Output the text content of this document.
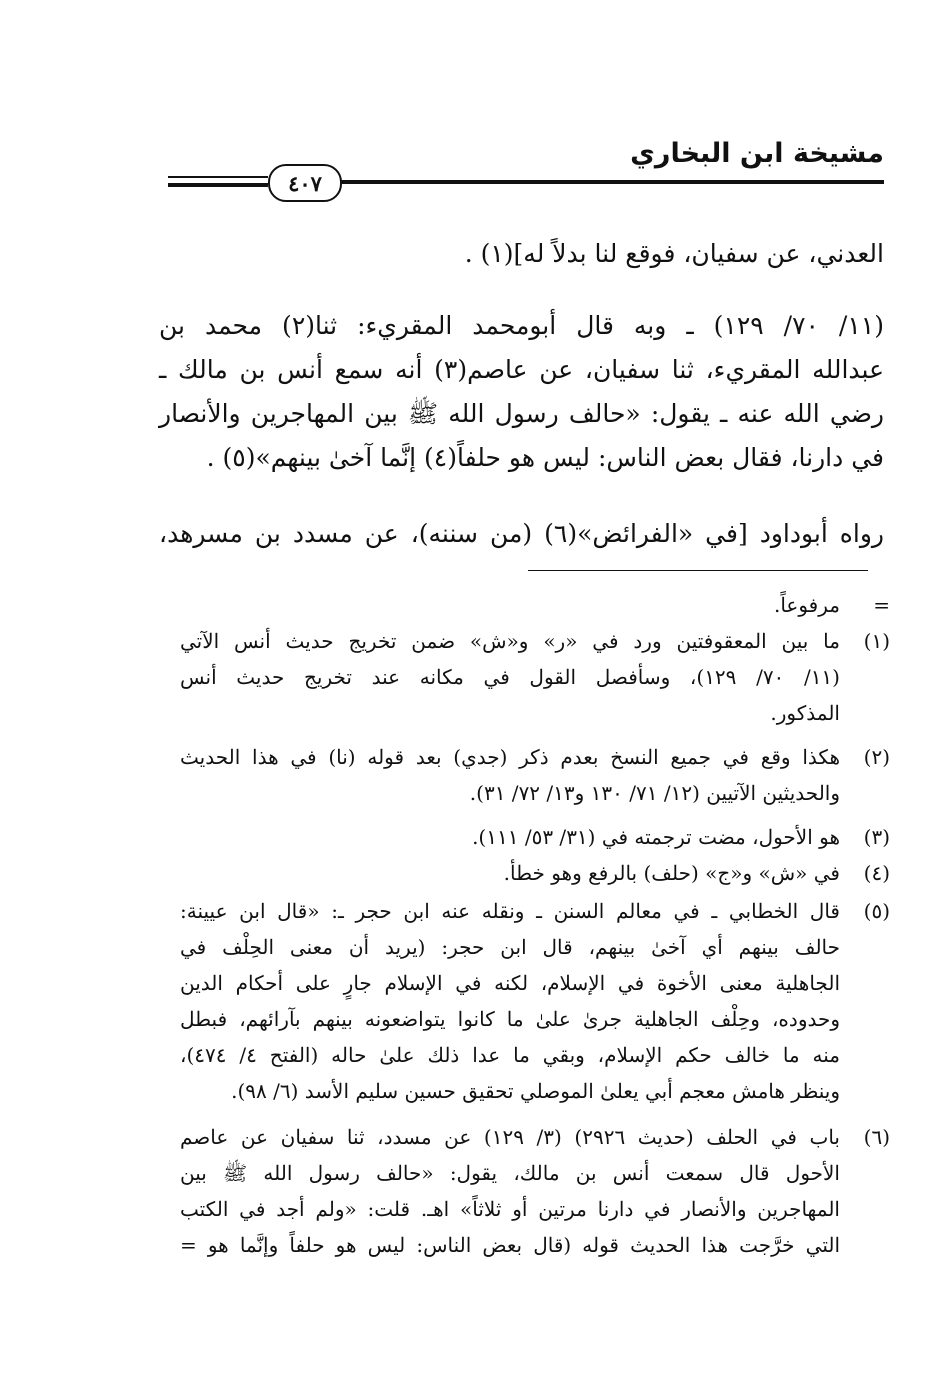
مشيخة ابن البخاري
٤٠٧
العدني، عن سفيان، فوقع لنا بدلاً له](١) .
(١١/ ٧٠/ ١٢٩) ـ وبه قال أبومحمد المقريء: ثنا(٢) محمد بن
عبدالله المقريء، ثنا سفيان، عن عاصم(٣) أنه سمع أنس بن مالك ـ
رضي الله عنه ـ يقول: «حالف رسول الله ﷺ بين المهاجرين والأنصار
في دارنا، فقال بعض الناس: ليس هو حلفاً(٤) إنَّما آخىٰ بينهم»(٥) .
رواه أبوداود [في «الفرائض»(٦) (من سننه)، عن مسدد بن مسرهد،
=
مرفوعاً.
(١)
ما بين المعقوفتين ورد في «ر» و«ش» ضمن تخريج حديث أنس الآتي
(١١/ ٧٠/ ١٢٩)، وسأفصل القول في مكانه عند تخريج حديث أنس
المذكور.
(٢)
هكذا وقع في جميع النسخ بعدم ذكر (جدي) بعد قوله (نا) في هذا الحديث
والحديثين الآتيين (١٢/ ٧١/ ١٣٠ و١٣/ ٧٢/ ٣١).
(٣)
هو الأحول، مضت ترجمته في (٣١/ ٥٣/ ١١١).
(٤)
في «ش» و«ج» (حلف) بالرفع وهو خطأ.
(٥)
قال الخطابي ـ في معالم السنن ـ ونقله عنه ابن حجر ـ: «قال ابن عيينة:
حالف بينهم أي آخىٰ بينهم، قال ابن حجر: (يريد أن معنى الحِلْف في
الجاهلية معنى الأخوة في الإسلام، لكنه في الإسلام جارٍ على أحكام الدين
وحدوده، وحِلْف الجاهلية جرىٰ علىٰ ما كانوا يتواضعونه بينهم بآرائهم، فبطل
منه ما خالف حكم الإسلام، وبقي ما عدا ذلك علىٰ حاله (الفتح ٤/ ٤٧٤)،
وينظر هامش معجم أبي يعلىٰ الموصلي تحقيق حسين سليم الأسد (٦/ ٩٨).
(٦)
باب في الحلف (حديث ٢٩٢٦) (٣/ ١٢٩) عن مسدد، ثنا سفيان عن عاصم
الأحول قال سمعت أنس بن مالك، يقول: «حالف رسول الله ﷺ بين
المهاجرين والأنصار في دارنا مرتين أو ثلاثاً» اهـ. قلت: «ولم أجد في الكتب
التي خرَّجت هذا الحديث قوله (قال بعض الناس: ليس هو حلفاً وإنَّما هو =
